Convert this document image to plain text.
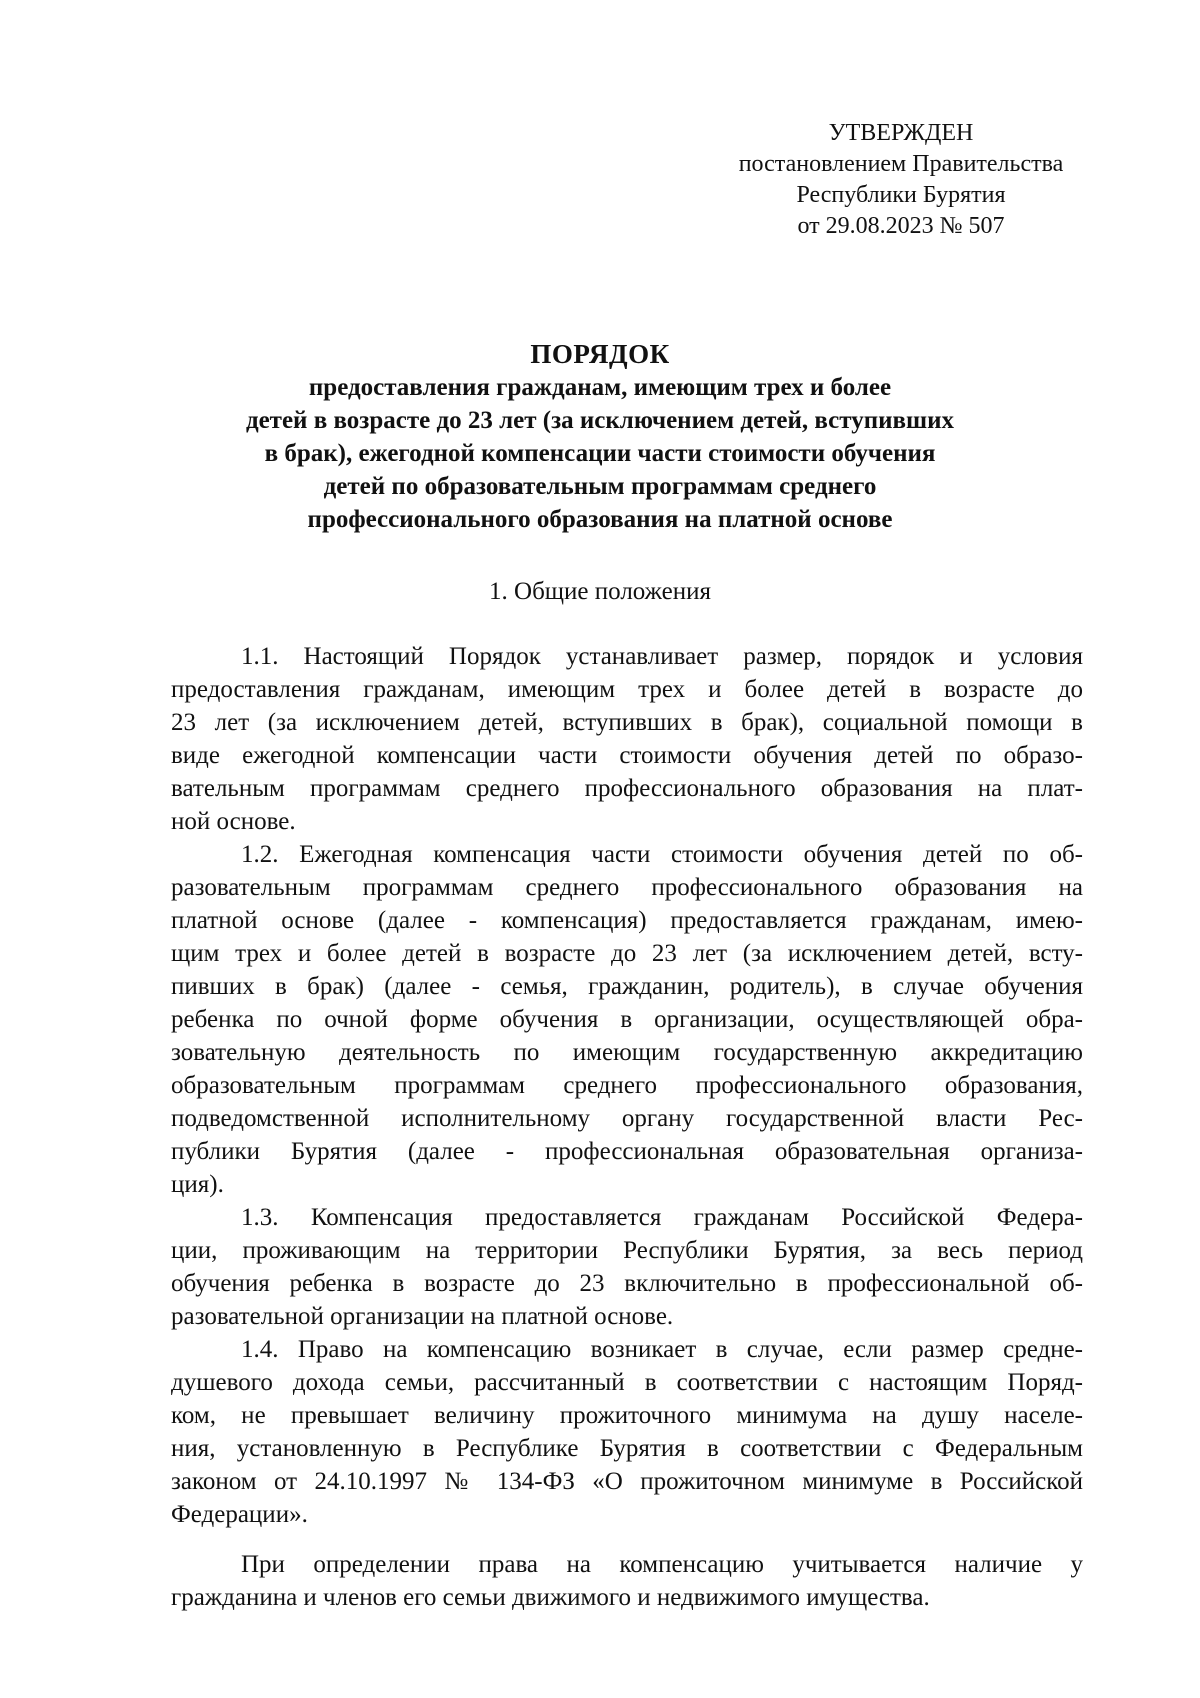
УТВЕРЖДЕН
постановлением Правительства
Республики Бурятия
от 29.08.2023 № 507
ПОРЯДОК
предоставления гражданам, имеющим трех и более
детей в возрасте до 23 лет (за исключением детей, вступивших
в брак), ежегодной компенсации части стоимости обучения
детей по образовательным программам среднего
профессионального образования на платной основе
1. Общие положения
1.1. Настоящий Порядок устанавливает размер, порядок и условия
предоставления гражданам, имеющим трех и более детей в возрасте до
23 лет (за исключением детей, вступивших в брак), социальной помощи в
виде ежегодной компенсации части стоимости обучения детей по образо-
вательным программам среднего профессионального образования на плат-
ной основе.
1.2. Ежегодная компенсация части стоимости обучения детей по об-
разовательным программам среднего профессионального образования на
платной основе (далее - компенсация) предоставляется гражданам, имею-
щим трех и более детей в возрасте до 23 лет (за исключением детей, всту-
пивших в брак) (далее - семья, гражданин, родитель), в случае обучения
ребенка по очной форме обучения в организации, осуществляющей обра-
зовательную деятельность по имеющим государственную аккредитацию
образовательным программам среднего профессионального образования,
подведомственной исполнительному органу государственной власти Рес-
публики Бурятия (далее - профессиональная образовательная организа-
ция).
1.3. Компенсация предоставляется гражданам Российской Федера-
ции, проживающим на территории Республики Бурятия, за весь период
обучения ребенка в возрасте до 23 включительно в профессиональной об-
разовательной организации на платной основе.
1.4. Право на компенсацию возникает в случае, если размер средне-
душевого дохода семьи, рассчитанный в соответствии с настоящим Поряд-
ком, не превышает величину прожиточного минимума на душу населе-
ния, установленную в Республике Бурятия в соответствии с Федеральным
законом от 24.10.1997 № 134-ФЗ «О прожиточном минимуме в Российской
Федерации».
При определении права на компенсацию учитывается наличие у
гражданина и членов его семьи движимого и недвижимого имущества.
